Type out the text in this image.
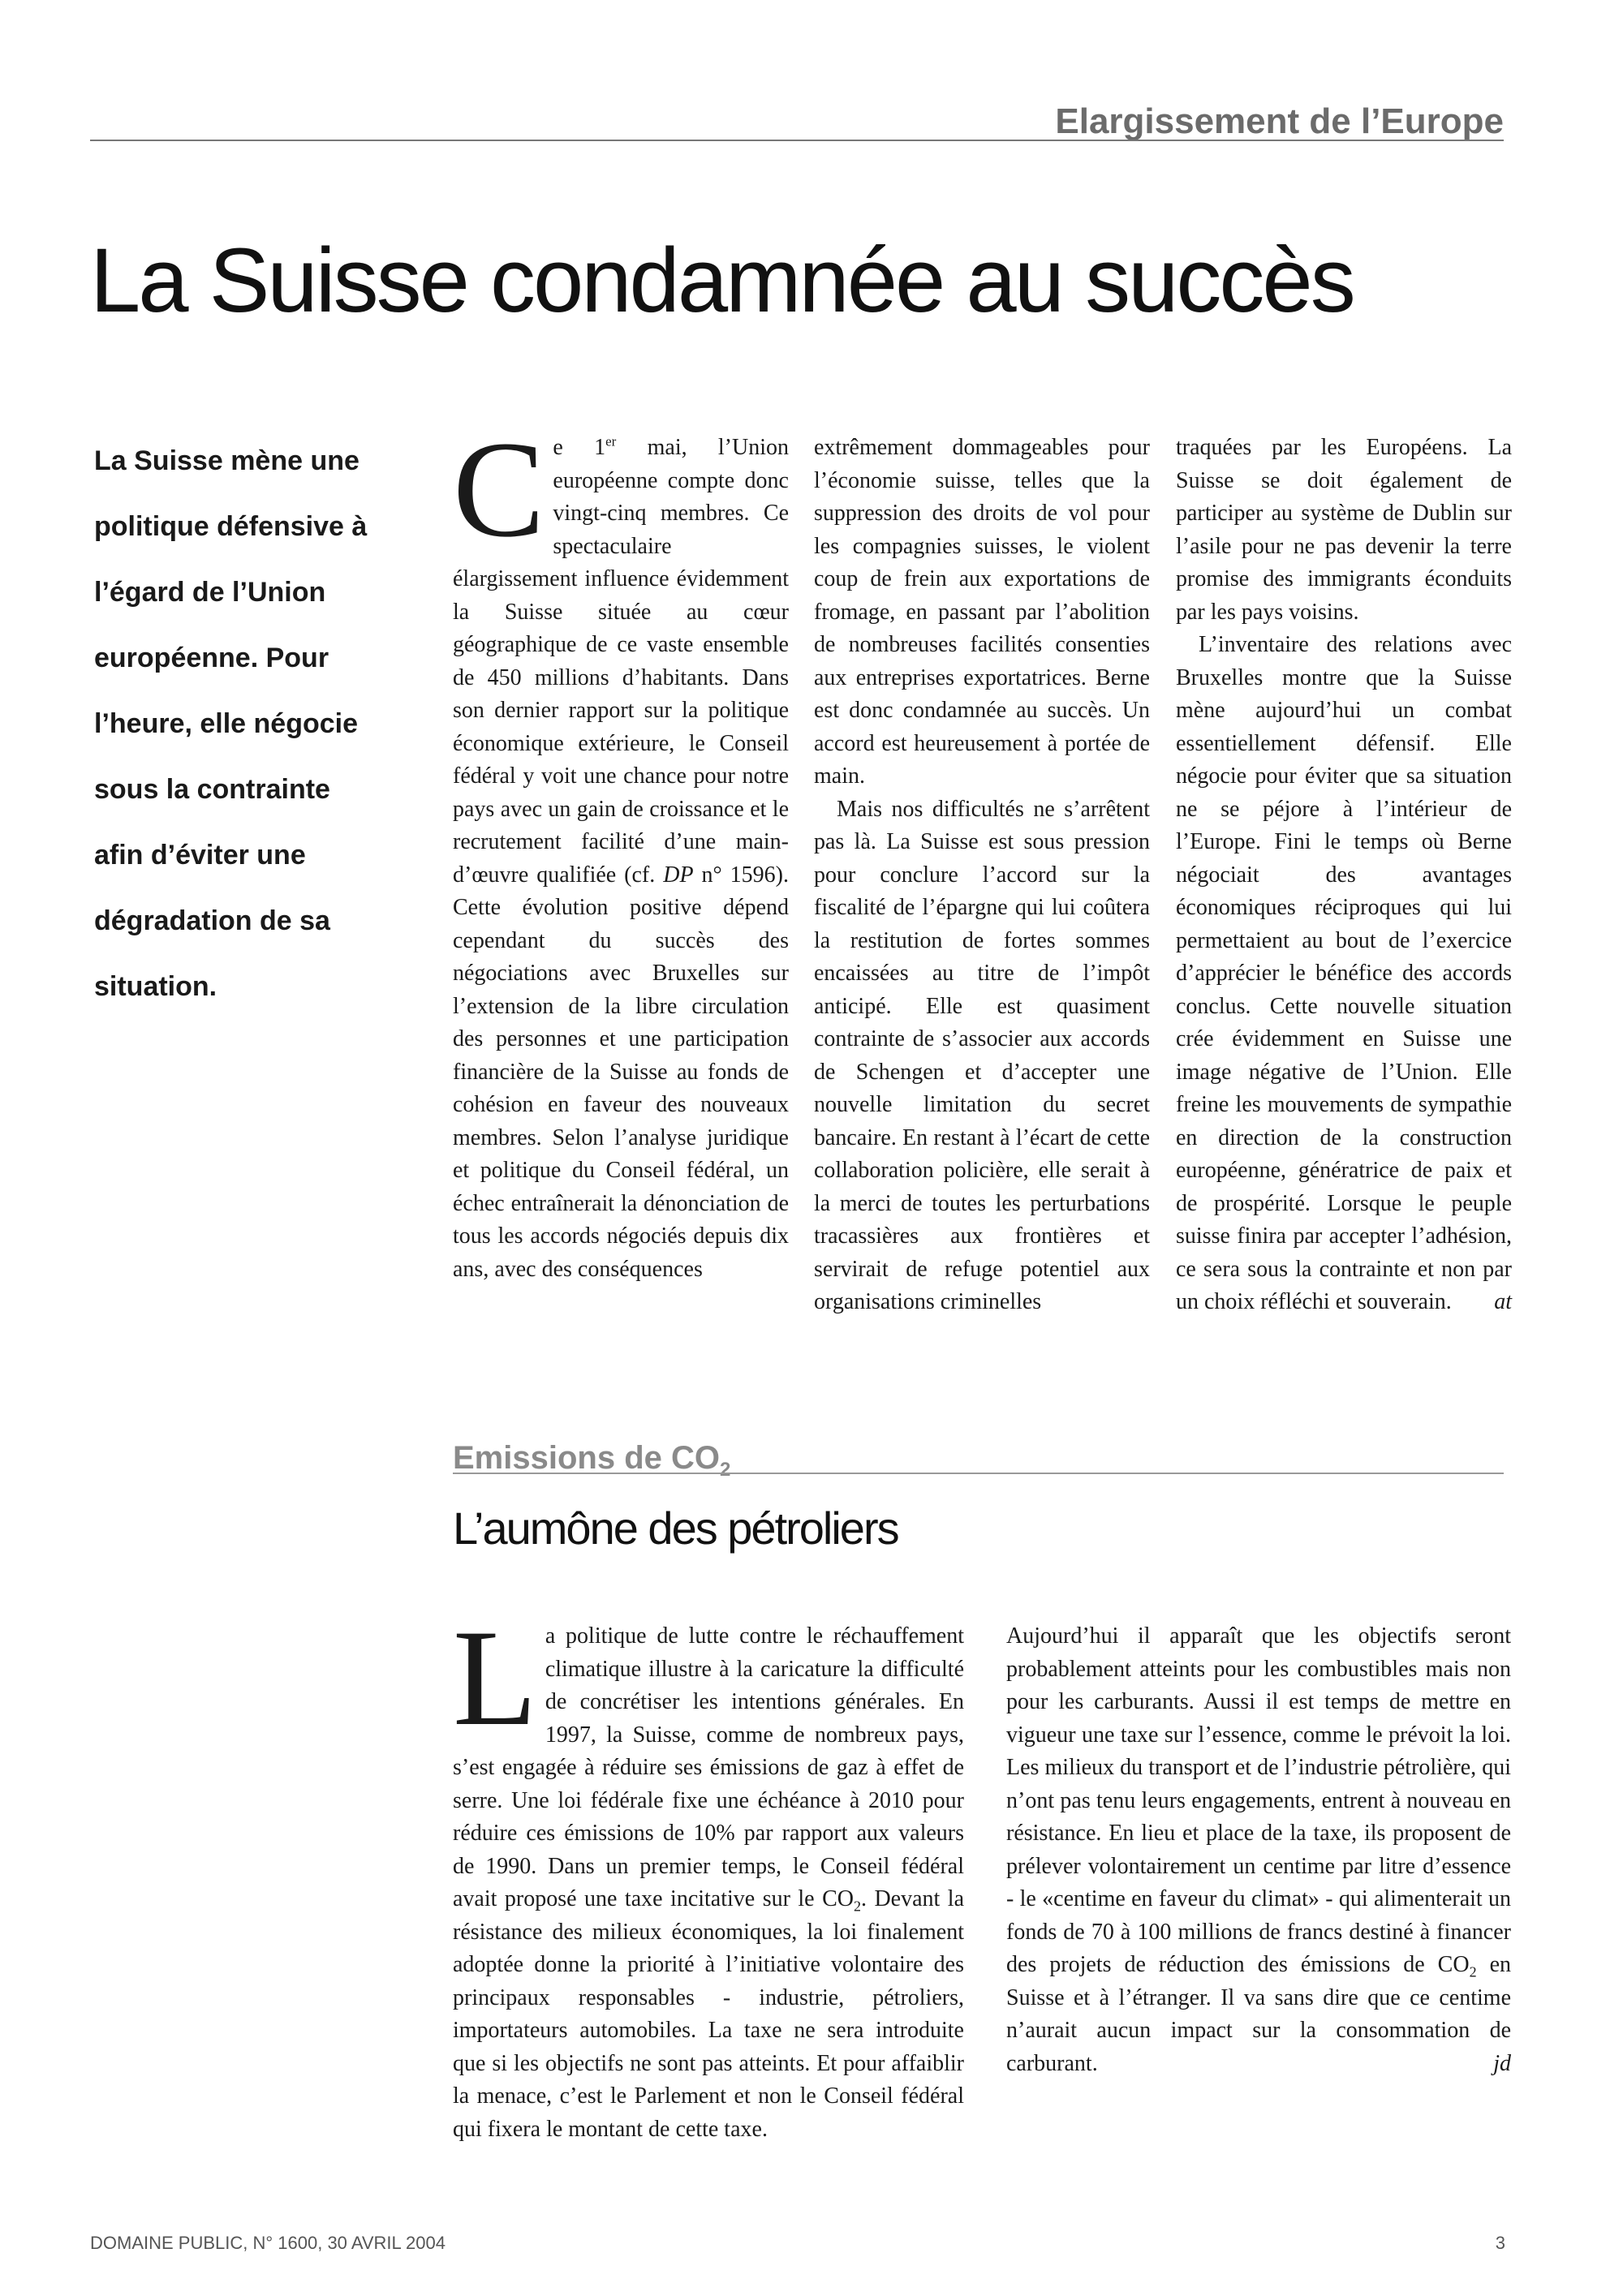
Elargissement de l’Europe
La Suisse condamnée au succès

La Suisse mène une politique défensive à l’égard de l’Union européenne. Pour l’heure, elle négocie sous la contrainte afin d’éviter une dégradation de sa situation.

Ce 1er mai, l’Union européenne compte donc vingt-cinq membres. Ce spectaculaire élargissement influence évidemment la Suisse située au cœur géographique de ce vaste ensemble de 450 millions d’habitants. Dans son dernier rapport sur la politique économique extérieure, le Conseil fédéral y voit une chance pour notre pays avec un gain de croissance et le recrutement facilité d’une main-d’œuvre qualifiée (cf. DP n° 1596). Cette évolution positive dépend cependant du succès des négociations avec Bruxelles sur l’extension de la libre circulation des personnes et une participation financière de la Suisse au fonds de cohésion en faveur des nouveaux membres. Selon l’analyse juridique et politique du Conseil fédéral, un échec entraînerait la dénonciation de tous les accords négociés depuis dix ans, avec des conséquences

extrêmement dommageables pour l’économie suisse, telles que la suppression des droits de vol pour les compagnies suisses, le violent coup de frein aux exportations de fromage, en passant par l’abolition de nombreuses facilités consenties aux entreprises exportatrices. Berne est donc condamnée au succès. Un accord est heureusement à portée de main.

Mais nos difficultés ne s’arrêtent pas là. La Suisse est sous pression pour conclure l’accord sur la fiscalité de l’épargne qui lui coûtera la restitution de fortes sommes encaissées au titre de l’impôt anticipé. Elle est quasiment contrainte de s’associer aux accords de Schengen et d’accepter une nouvelle limitation du secret bancaire. En restant à l’écart de cette collaboration policière, elle serait à la merci de toutes les perturbations tracassières aux frontières et servirait de refuge potentiel aux organisations criminelles

traquées par les Européens. La Suisse se doit également de participer au système de Dublin sur l’asile pour ne pas devenir la terre promise des immigrants éconduits par les pays voisins.

L’inventaire des relations avec Bruxelles montre que la Suisse mène aujourd’hui un combat essentiellement défensif. Elle négocie pour éviter que sa situation ne se péjore à l’intérieur de l’Europe. Fini le temps où Berne négociait des avantages économiques réciproques qui lui permettaient au bout de l’exercice d’apprécier le bénéfice des accords conclus. Cette nouvelle situation crée évidemment en Suisse une image négative de l’Union. Elle freine les mouvements de sympathie en direction de la construction européenne, génératrice de paix et de prospérité. Lorsque le peuple suisse finira par accepter l’adhésion, ce sera sous la contrainte et non par un choix réfléchi et souverain.	at

Emissions de $CO_2$
L’aumône des pétroliers

La politique de lutte contre le réchauffement climatique illustre à la caricature la difficulté de concrétiser les intentions générales. En 1997, la Suisse, comme de nombreux pays, s’est engagée à réduire ses émissions de gaz à effet de serre. Une loi fédérale fixe une échéance à 2010 pour réduire ces émissions de 10% par rapport aux valeurs de 1990. Dans un premier temps, le Conseil fédéral avait proposé une taxe incitative sur le $CO_2$. Devant la résistance des milieux économiques, la loi finalement adoptée donne la priorité à l’initiative volontaire des principaux responsables - industrie, pétroliers, importateurs automobiles. La taxe ne sera introduite que si les objectifs ne sont pas atteints. Et pour affaiblir la menace, c’est le Parlement et non le Conseil fédéral qui fixera le montant de cette taxe.

Aujourd’hui il apparaît que les objectifs seront probablement atteints pour les combustibles mais non pour les carburants. Aussi il est temps de mettre en vigueur une taxe sur l’essence, comme le prévoit la loi. Les milieux du transport et de l’industrie pétrolière, qui n’ont pas tenu leurs engagements, entrent à nouveau en résistance. En lieu et place de la taxe, ils proposent de prélever volontairement un centime par litre d’essence - le «centime en faveur du climat» - qui alimenterait un fonds de 70 à 100 millions de francs destiné à financer des projets de réduction des émissions de $CO_2$ en Suisse et à l’étranger. Il va sans dire que ce centime n’aurait aucun impact sur la consommation de carburant.	jd

DOMAINE PUBLIC, N° 1600, 30 AVRIL 2004	3
